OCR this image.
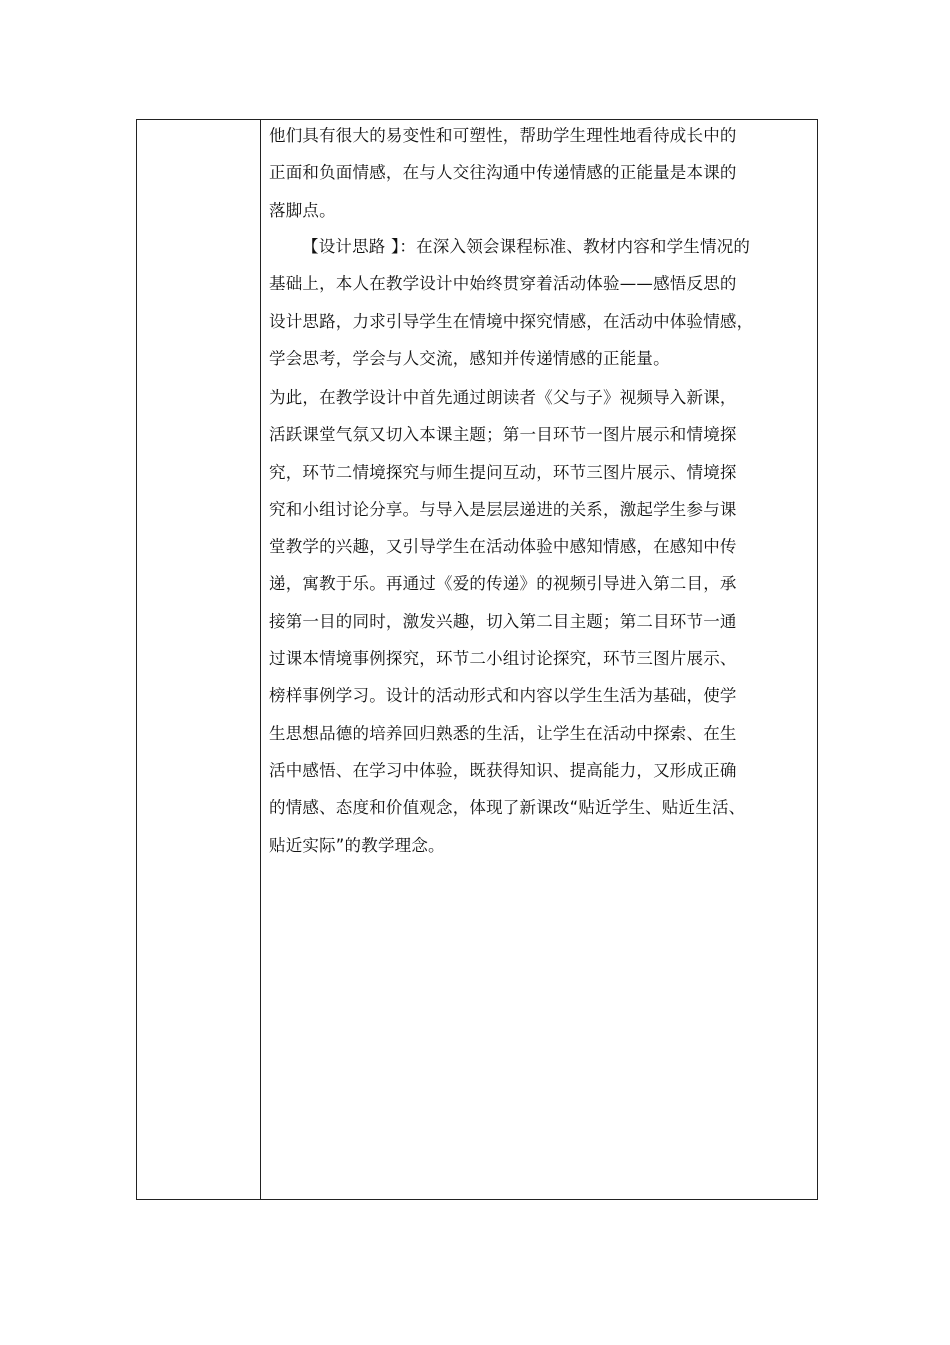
他们具有很大的易变性和可塑性，帮助学生理性地看待成长中的
正面和负面情感，在与人交往沟通中传递情感的正能量是本课的
落脚点。
【设计思路 】：在深入领会课程标准、教材内容和学生情况的
基础上，本人在教学设计中始终贯穿着活动体验——感悟反思的
设计思路，力求引导学生在情境中探究情感，在活动中体验情感，
学会思考，学会与人交流，感知并传递情感的正能量。
为此，在教学设计中首先通过朗读者《父与子》视频导入新课，
活跃课堂气氛又切入本课主题；第一目环节一图片展示和情境探
究，环节二情境探究与师生提问互动，环节三图片展示、情境探
究和小组讨论分享。与导入是层层递进的关系，激起学生参与课
堂教学的兴趣，又引导学生在活动体验中感知情感，在感知中传
递，寓教于乐。再通过《爱的传递》的视频引导进入第二目，承
接第一目的同时，激发兴趣，切入第二目主题；第二目环节一通
过课本情境事例探究，环节二小组讨论探究，环节三图片展示、
榜样事例学习。设计的活动形式和内容以学生生活为基础，使学
生思想品德的培养回归熟悉的生活，让学生在活动中探索、在生
活中感悟、在学习中体验，既获得知识、提高能力，又形成正确
的情感、态度和价值观念，体现了新课改“贴近学生、贴近生活、
贴近实际”的教学理念。
